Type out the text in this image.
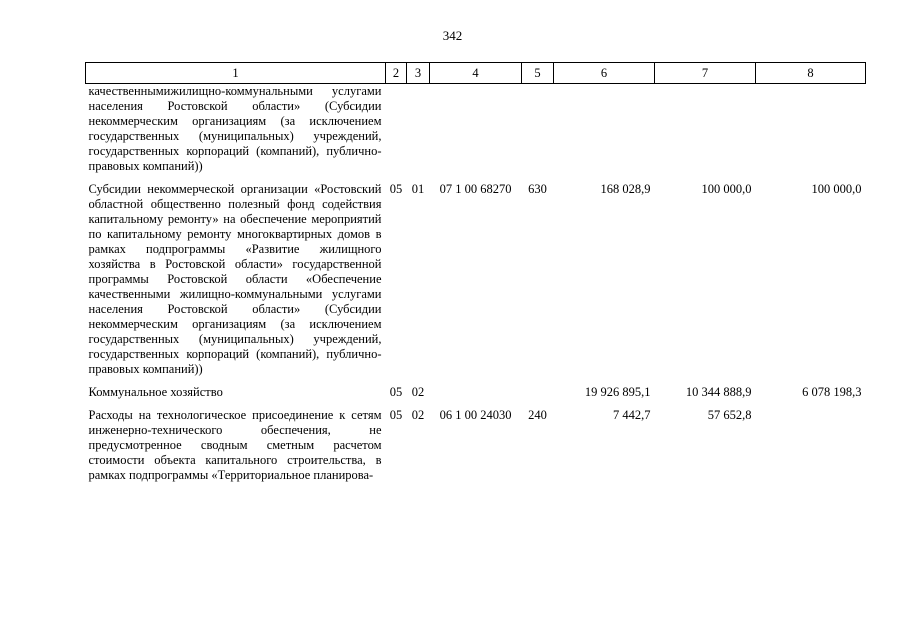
342
1	2	3	4	5	6	7	8
качественнымижилищно-коммунальными услугами населения Ростовской области» (Субсидии некоммерческим организациям (за исключением государственных (муниципальных) учреждений, государственных корпораций (компаний), публично-правовых компаний))							
Субсидии некоммерческой организации «Ростовский областной общественно полезный фонд содействия капитальному ремонту» на обеспечение мероприятий по капитальному ремонту многоквартирных домов в рамках подпрограммы «Развитие жилищного хозяйства в Ростовской области» государственной программы Ростовской области «Обеспечение качественными жилищно-коммунальными услугами населения Ростовской области» (Субсидии некоммерческим организациям (за исключением государственных (муниципальных) учреждений, государственных корпораций (компаний), публично-правовых компаний))	05	01	07 1 00 68270	630	168 028,9	100 000,0	100 000,0
Коммунальное хозяйство	05	02			19 926 895,1	10 344 888,9	6 078 198,3
Расходы на технологическое присоединение к сетям инженерно-технического обеспечения, не предусмотренное сводным сметным расчетом стоимости объекта капитального строительства, в рамках подпрограммы «Территориальное планирова-	05	02	06 1 00 24030	240	7 442,7	57 652,8	
